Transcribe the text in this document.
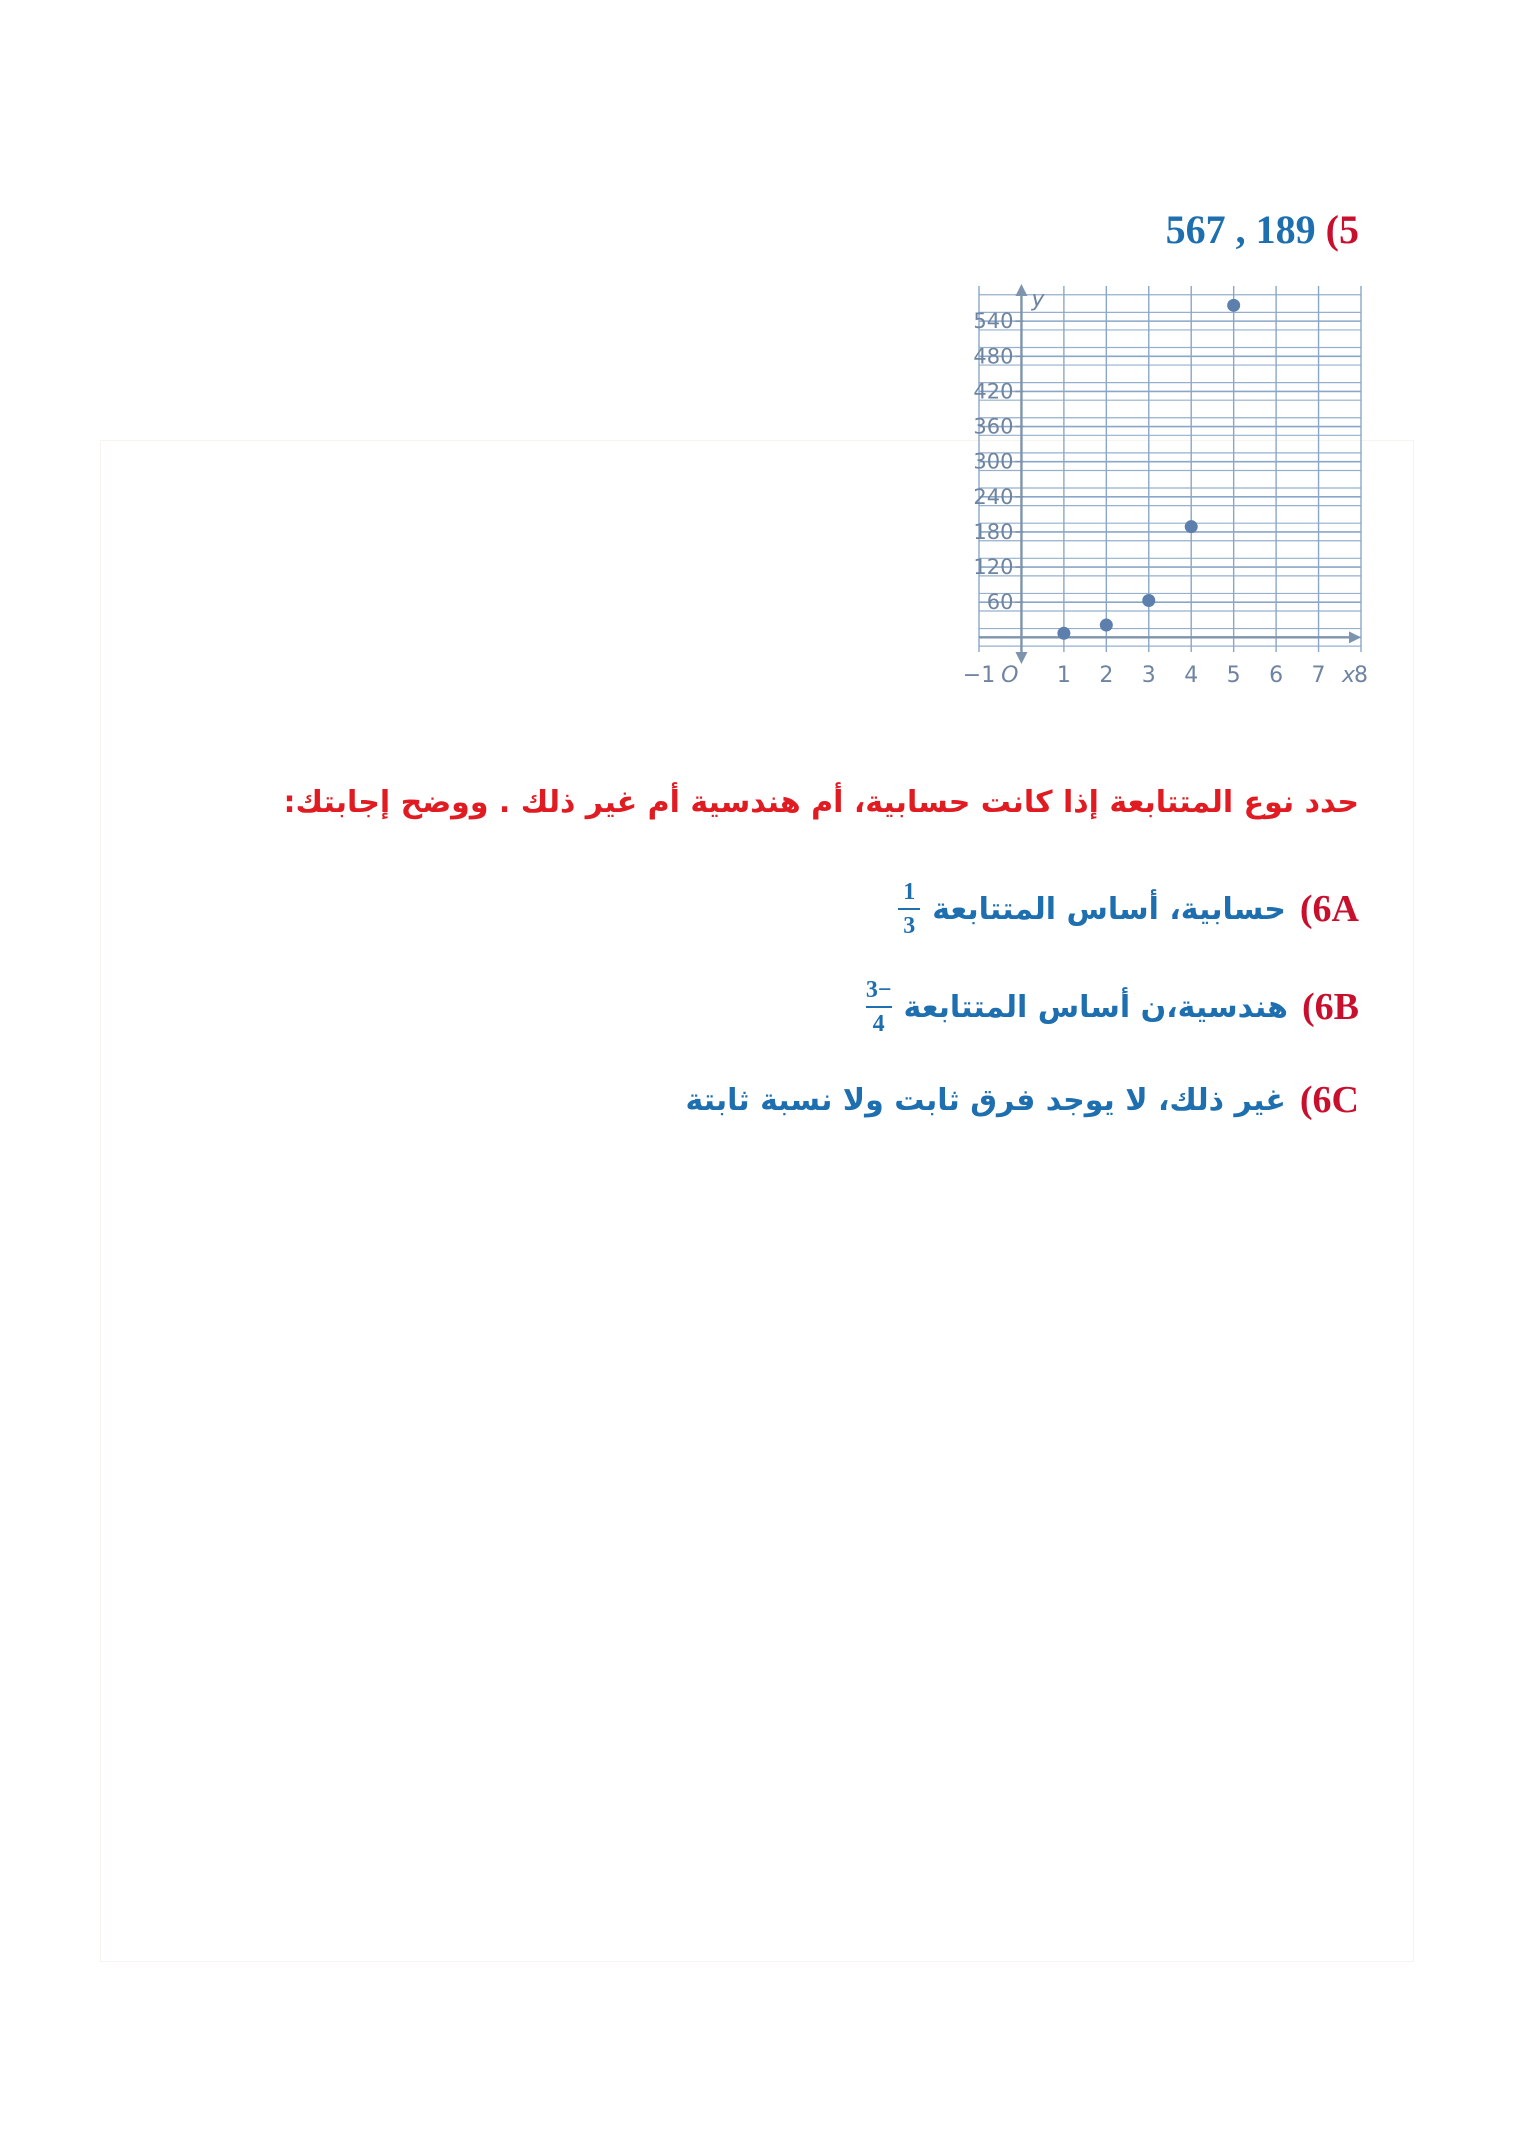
5) 189 , 567
60
120
180
240
300
360
420
480
540
−1 O 1 2 3 4 5 6 7 8
x
y
حدد نوع المتتابعة إذا كانت حسابية، أم هندسية أم غير ذلك . ووضح إجابتك:
6A)
حسابية، أساس المتتابعة
$\frac{1}{3}$
6B)
هندسية،ن أساس المتتابعة
$\frac{-3}{4}$
6C)
غير ذلك، لا يوجد فرق ثابت ولا نسبة ثابتة
